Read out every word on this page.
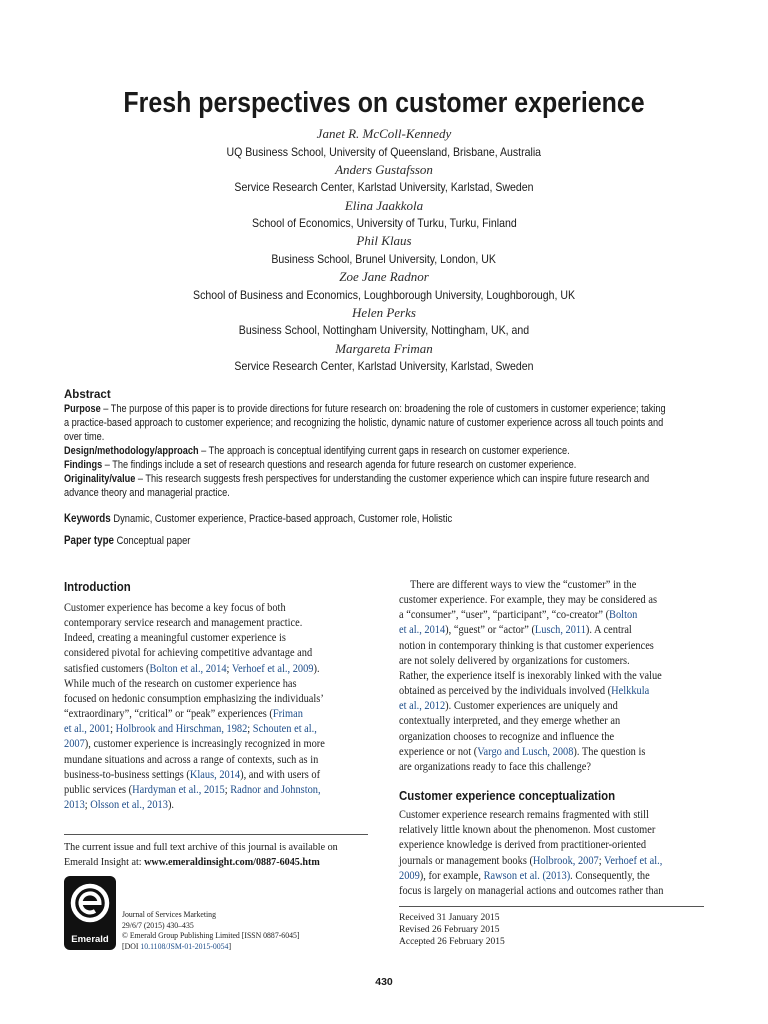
Fresh perspectives on customer experience
Janet R. McColl-Kennedy
UQ Business School, University of Queensland, Brisbane, Australia
Anders Gustafsson
Service Research Center, Karlstad University, Karlstad, Sweden
Elina Jaakkola
School of Economics, University of Turku, Turku, Finland
Phil Klaus
Business School, Brunel University, London, UK
Zoe Jane Radnor
School of Business and Economics, Loughborough University, Loughborough, UK
Helen Perks
Business School, Nottingham University, Nottingham, UK, and
Margareta Friman
Service Research Center, Karlstad University, Karlstad, Sweden
Abstract
Purpose – The purpose of this paper is to provide directions for future research on: broadening the role of customers in customer experience; taking
a practice-based approach to customer experience; and recognizing the holistic, dynamic nature of customer experience across all touch points and
over time.
Design/methodology/approach – The approach is conceptual identifying current gaps in research on customer experience.
Findings – The findings include a set of research questions and research agenda for future research on customer experience.
Originality/value – This research suggests fresh perspectives for understanding the customer experience which can inspire future research and
advance theory and managerial practice.
Keywords Dynamic, Customer experience, Practice-based approach, Customer role, Holistic
Paper type Conceptual paper
Introduction
Customer experience has become a key focus of both
contemporary service research and management practice.
Indeed, creating a meaningful customer experience is
considered pivotal for achieving competitive advantage and
satisfied customers (Bolton et al., 2014; Verhoef et al., 2009).
While much of the research on customer experience has
focused on hedonic consumption emphasizing the individuals’
“extraordinary”, “critical” or “peak” experiences (Friman
et al., 2001; Holbrook and Hirschman, 1982; Schouten et al.,
2007), customer experience is increasingly recognized in more
mundane situations and across a range of contexts, such as in
business-to-business settings (Klaus, 2014), and with users of
public services (Hardyman et al., 2015; Radnor and Johnston,
2013; Olsson et al., 2013).
There are different ways to view the “customer” in the
customer experience. For example, they may be considered as
a “consumer”, “user”, “participant”, “co-creator” (Bolton
et al., 2014), “guest” or “actor” (Lusch, 2011). A central
notion in contemporary thinking is that customer experiences
are not solely delivered by organizations for customers.
Rather, the experience itself is inexorably linked with the value
obtained as perceived by the individuals involved (Helkkula
et al., 2012). Customer experiences are uniquely and
contextually interpreted, and they emerge whether an
organization chooses to recognize and influence the
experience or not (Vargo and Lusch, 2008). The question is
are organizations ready to face this challenge?
Customer experience conceptualization
Customer experience research remains fragmented with still
relatively little known about the phenomenon. Most customer
experience knowledge is derived from practitioner-oriented
journals or management books (Holbrook, 2007; Verhoef et al.,
2009), for example, Rawson et al. (2013). Consequently, the
focus is largely on managerial actions and outcomes rather than
The current issue and full text archive of this journal is available on
Emerald Insight at: www.emeraldinsight.com/0887-6045.htm
Emerald
Journal of Services Marketing
29/6/7 (2015) 430–435
© Emerald Group Publishing Limited [ISSN 0887-6045]
[DOI 10.1108/JSM-01-2015-0054]
Received 31 January 2015
Revised 26 February 2015
Accepted 26 February 2015
430
